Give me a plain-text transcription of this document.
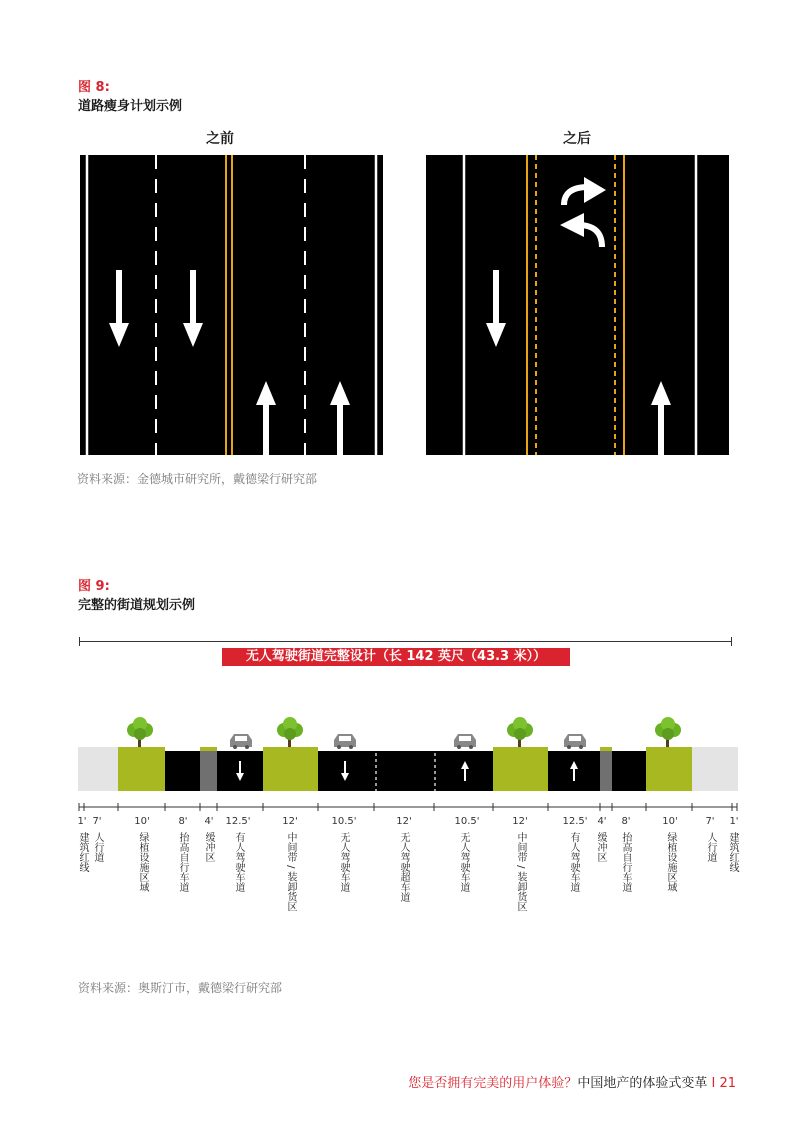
图 8:
道路瘦身计划示例
之前	之后
资料来源：金德城市研究所，戴德梁行研究部
图 9:
完整的街道规划示例
无人驾驶街道完整设计（长 142 英尺（43.3 米））
1' 7'	10'	8'	4'	12.5'	12'	10.5'	12'	10.5'	12'	12.5' 4'	8'	10'	7'	1'
建筑红线 人行道	绿植设施区域	抬高自行车道 缓冲区 有人驾驶车道	中间带 / 装卸货区	无人驾驶车道	无人驾驶超车道	无人驾驶车道	中间带 / 装卸货区	有人驾驶车道 缓冲区 抬高自行车道	绿植设施区域	人行道 建筑红线
资料来源：奥斯汀市，戴德梁行研究部
您是否拥有完美的用户体验？中国地产的体验式变革 I 21
